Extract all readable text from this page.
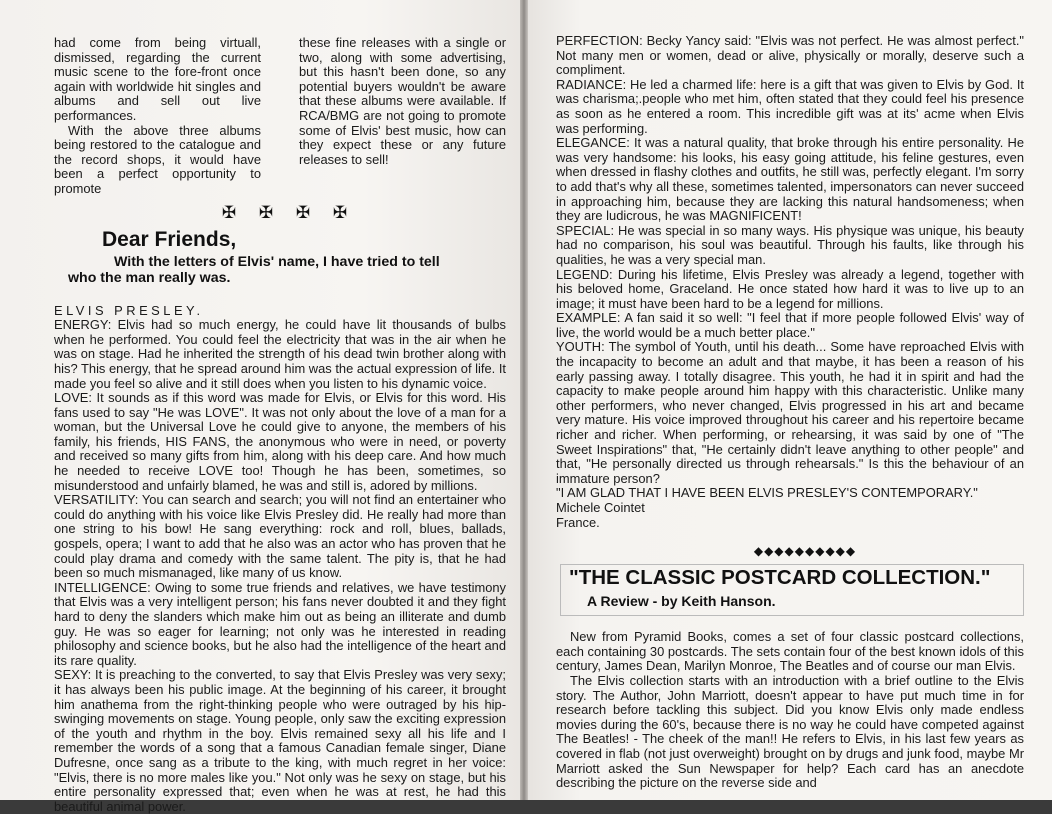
had come from being virtuall, dismissed, regarding the current music scene to the fore-front once again with worldwide hit singles and albums and sell out live performances.

With the above three albums being restored to the catalogue and the record shops, it would have been a perfect opportunity to promote

these fine releases with a single or two, along with some advertising, but this hasn't been done, so any potential buyers wouldn't be aware that these albums were available. If RCA/BMG are not going to promote some of Elvis' best music, how can they expect these or any future releases to sell!

✠ ✠ ✠ ✠
Dear Friends,
With the letters of Elvis' name, I have tried to tell
who the man really was.

ELVIS PRESLEY.

ENERGY: Elvis had so much energy, he could have lit thousands of bulbs when he performed. You could feel the electricity that was in the air when he was on stage. Had he inherited the strength of his dead twin brother along with his? This energy, that he spread around him was the actual expression of life. It made you feel so alive and it still does when you listen to his dynamic voice.

LOVE: It sounds as if this word was made for Elvis, or Elvis for this word. His fans used to say "He was LOVE". It was not only about the love of a man for a woman, but the Universal Love he could give to anyone, the members of his family, his friends, HIS FANS, the anonymous who were in need, or poverty and received so many gifts from him, along with his deep care. And how much he needed to receive LOVE too! Though he has been, sometimes, so misunderstood and unfairly blamed, he was and still is, adored by millions.

VERSATILITY: You can search and search; you will not find an entertainer who could do anything with his voice like Elvis Presley did. He really had more than one string to his bow! He sang everything: rock and roll, blues, ballads, gospels, opera; I want to add that he also was an actor who has proven that he could play drama and comedy with the same talent. The pity is, that he had been so much mismanaged, like many of us know.

INTELLIGENCE: Owing to some true friends and relatives, we have testimony that Elvis was a very intelligent person; his fans never doubted it and they fight hard to deny the slanders which make him out as being an illiterate and dumb guy. He was so eager for learning; not only was he interested in reading philosophy and science books, but he also had the intelligence of the heart and its rare quality.

SEXY: It is preaching to the converted, to say that Elvis Presley was very sexy; it has always been his public image. At the beginning of his career, it brought him anathema from the right-thinking people who were outraged by his hip-swinging movements on stage. Young people, only saw the exciting expression of the youth and rhythm in the boy. Elvis remained sexy all his life and I remember the words of a song that a famous Canadian female singer, Diane Dufresne, once sang as a tribute to the king, with much regret in her voice: "Elvis, there is no more males like you." Not only was he sexy on stage, but his entire personality expressed that; even when he was at rest, he had this beautiful animal power.

PERFECTION: Becky Yancy said: "Elvis was not perfect. He was almost perfect." Not many men or women, dead or alive, physically or morally, deserve such a compliment.

RADIANCE: He led a charmed life: here is a gift that was given to Elvis by God. It was charisma;.people who met him, often stated that they could feel his presence as soon as he entered a room. This incredible gift was at its' acme when Elvis was performing.

ELEGANCE: It was a natural quality, that broke through his entire personality. He was very handsome: his looks, his easy going attitude, his feline gestures, even when dressed in flashy clothes and outfits, he still was, perfectly elegant. I'm sorry to add that's why all these, sometimes talented, impersonators can never succeed in approaching him, because they are lacking this natural handsomeness; when they are ludicrous, he was MAGNIFICENT!

SPECIAL: He was special in so many ways. His physique was unique, his beauty had no comparison, his soul was beautiful. Through his faults, like through his qualities, he was a very special man.

LEGEND: During his lifetime, Elvis Presley was already a legend, together with his beloved home, Graceland. He once stated how hard it was to live up to an image; it must have been hard to be a legend for millions.

EXAMPLE: A fan said it so well: "I feel that if more people followed Elvis' way of live, the world would be a much better place."

YOUTH: The symbol of Youth, until his death... Some have reproached Elvis with the incapacity to become an adult and that maybe, it has been a reason of his early passing away. I totally disagree. This youth, he had it in spirit and had the capacity to make people around him happy with this characteristic. Unlike many other performers, who never changed, Elvis progressed in his art and became very mature. His voice improved throughout his career and his repertoire became richer and richer. When performing, or rehearsing, it was said by one of "The Sweet Inspirations" that, "He certainly didn't leave anything to other people" and that, "He personally directed us through rehearsals." Is this the behaviour of an immature person?

"I AM GLAD THAT I HAVE BEEN ELVIS PRESLEY'S CONTEMPORARY."

Michele Cointet

France.

◆◆◆◆◆◆◆◆◆◆
"THE CLASSIC POSTCARD COLLECTION."
A Review - by Keith Hanson.

New from Pyramid Books, comes a set of four classic postcard collections, each containing 30 postcards. The sets contain four of the best known idols of this century, James Dean, Marilyn Monroe, The Beatles and of course our man Elvis.

The Elvis collection starts with an introduction with a brief outline to the Elvis story. The Author, John Marriott, doesn't appear to have put much time in for research before tackling this subject. Did you know Elvis only made endless movies during the 60's, because there is no way he could have competed against The Beatles! - The cheek of the man!! He refers to Elvis, in his last few years as covered in flab (not just overweight) brought on by drugs and junk food, maybe Mr Marriott asked the Sun Newspaper for help? Each card has an anecdote describing the picture on the reverse side and
